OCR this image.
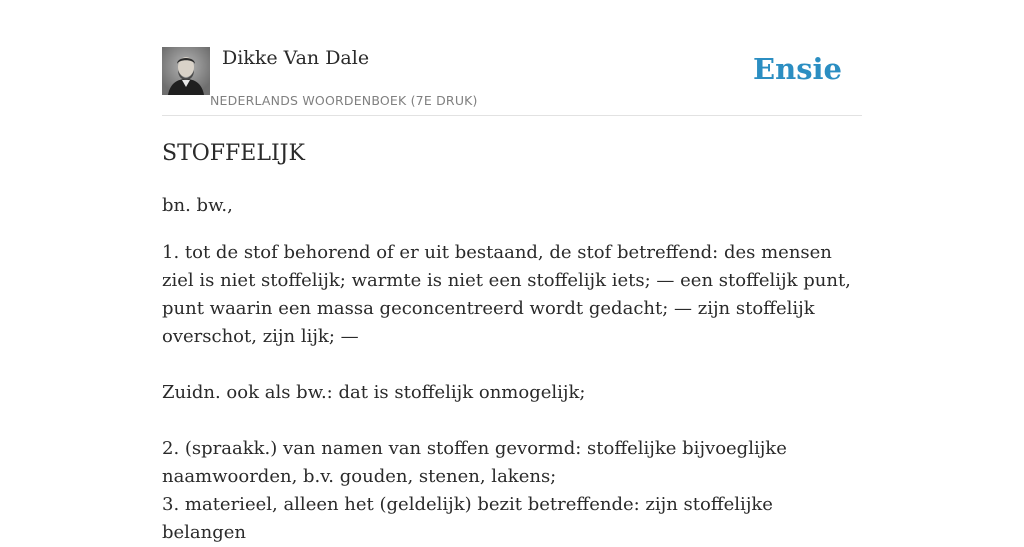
Dikke Van Dale
NEDERLANDS WOORDENBOEK (7E DRUK)
Ensie
STOFFELIJK
bn. bw.,

1. tot de stof behorend of er uit bestaand, de stof betreffend: des mensen ziel is niet stoffelijk; warmte is niet een stoffelijk iets; — een stoffelijk punt, punt waarin een massa geconcentreerd wordt gedacht; — zijn stoffelijk overschot, zijn lijk; —

Zuidn. ook als bw.: dat is stoffelijk onmogelijk;

2. (spraakk.) van namen van stoffen gevormd: stoffelijke bijvoeglijke naamwoorden, b.v. gouden, stenen, lakens;

3. materieel, alleen het (geldelijk) bezit betreffende: zijn stoffelijke belangen
